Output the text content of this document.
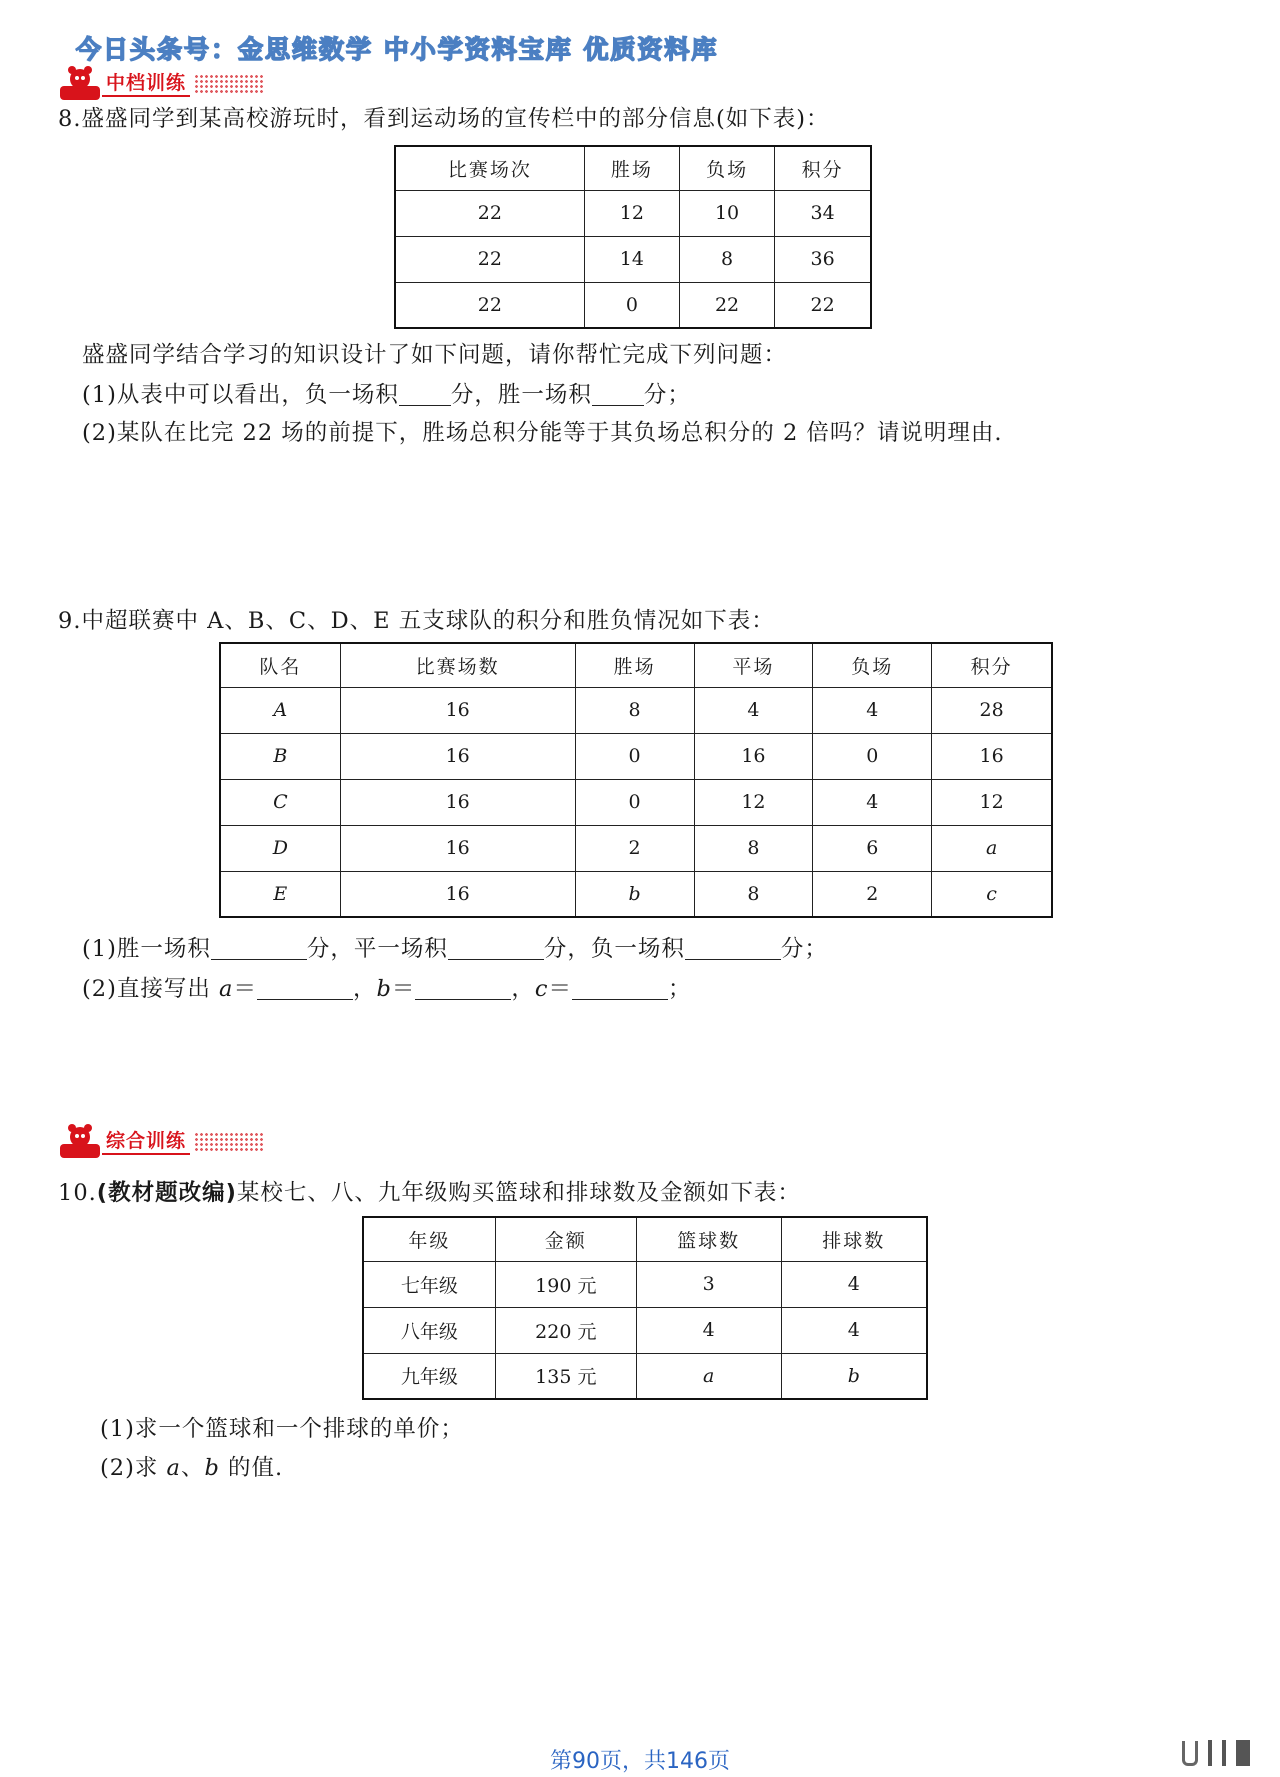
今日头条号：金思维数学 中小学资料宝库 优质资料库
中档训练
8.盛盛同学到某高校游玩时，看到运动场的宣传栏中的部分信息(如下表)：
比赛场次	胜场	负场	积分
22	12	10	34
22	14	8	36
22	0	22	22
盛盛同学结合学习的知识设计了如下问题，请你帮忙完成下列问题：
(1)从表中可以看出，负一场积 分，胜一场积 分；
(2)某队在比完 22 场的前提下，胜场总积分能等于其负场总积分的 2 倍吗？请说明理由.
9.中超联赛中 A、B、C、D、E 五支球队的积分和胜负情况如下表：
队名	比赛场数	胜场	平场	负场	积分
A	16	8	4	4	28
B	16	0	16	0	16
C	16	0	12	4	12
D	16	2	8	6	a
E	16	b	8	2	c
(1)胜一场积	分，平一场积	分，负一场积	分；
(2)直接写出 a＝	，b＝	，c＝	；
综合训练
10.(教材题改编)某校七、八、九年级购买篮球和排球数及金额如下表：
年级	金额	篮球数	排球数
七年级	190 元	3	4
八年级	220 元	4	4
九年级	135 元	a	b
(1)求一个篮球和一个排球的单价；
(2)求 a、b 的值.
第90页，共146页
